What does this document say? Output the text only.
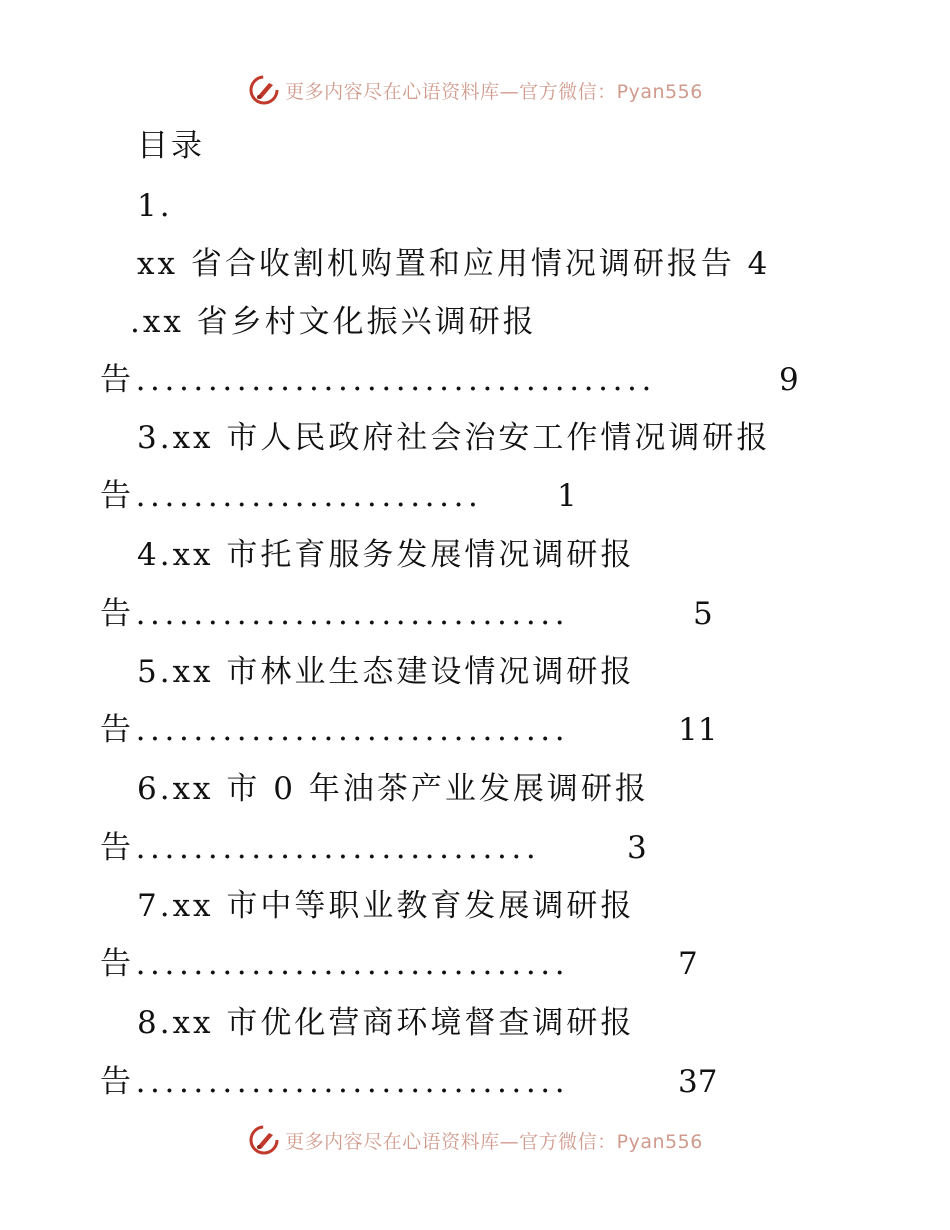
更多内容尽在心语资料库—官方微信：Pyan556
目录
1.
xx 省合收割机购置和应用情况调研报告 4
.xx 省乡村文化振兴调研报
告....................................	9
3.xx 市人民政府社会治安工作情况调研报
告........................ 1
4.xx 市托育服务发展情况调研报
告..............................	5
5.xx 市林业生态建设情况调研报
告..............................	11
6.xx 市 0 年油茶产业发展调研报
告............................	3
7.xx 市中等职业教育发展调研报
告..............................	7
8.xx 市优化营商环境督查调研报
告..............................	37
更多内容尽在心语资料库—官方微信：Pyan556
